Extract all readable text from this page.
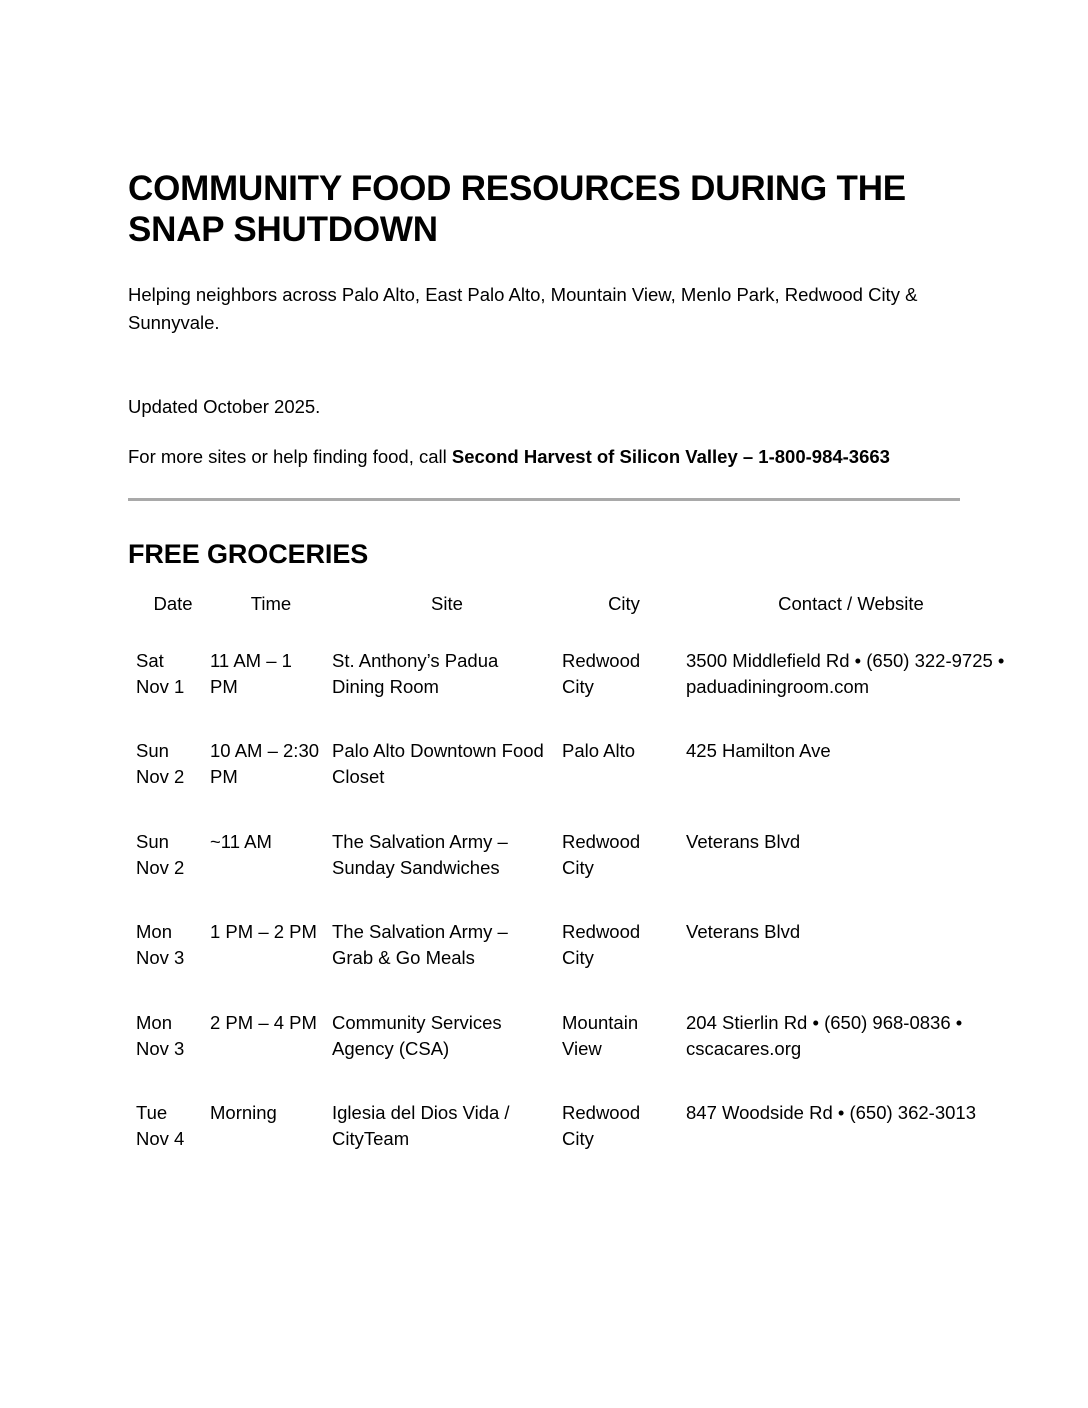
COMMUNITY FOOD RESOURCES DURING THE SNAP SHUTDOWN

Helping neighbors across Palo Alto, East Palo Alto, Mountain View, Menlo Park, Redwood City & Sunnyvale.

Updated October 2025.

For more sites or help finding food, call Second Harvest of Silicon Valley – 1-800-984-3663

FREE GROCERIES
Date	Time	Site	City	Contact / Website
Sat Nov 1	11 AM – 1 PM	St. Anthony’s Padua Dining Room	Redwood City	3500 Middlefield Rd • (650) 322-9725 • paduadiningroom.com
Sun Nov 2	10 AM – 2:30 PM	Palo Alto Downtown Food Closet	Palo Alto	425 Hamilton Ave
Sun Nov 2	~11 AM	The Salvation Army – Sunday Sandwiches	Redwood City	Veterans Blvd
Mon Nov 3	1 PM – 2 PM	The Salvation Army – Grab & Go Meals	Redwood City	Veterans Blvd
Mon Nov 3	2 PM – 4 PM	Community Services Agency (CSA)	Mountain View	204 Stierlin Rd • (650) 968-0836 • cscacares.org
Tue Nov 4	Morning	Iglesia del Dios Vida / CityTeam	Redwood City	847 Woodside Rd • (650) 362-3013
